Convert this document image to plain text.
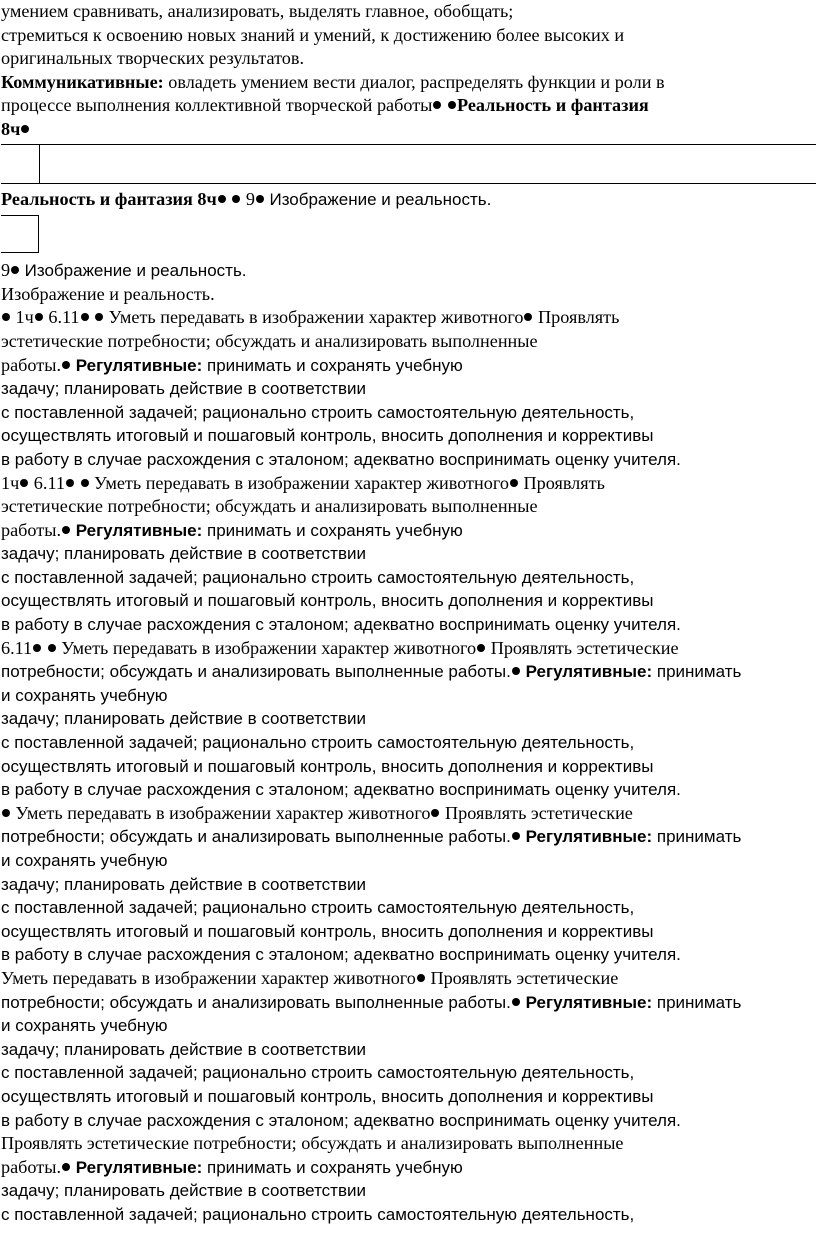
умением сравнивать, анализировать, выделять главное, обобщать;
стремиться к освоению новых знаний и умений, к достижению более высоких и
оригинальных творческих результатов.
Коммуникативные: овладеть умением вести диалог, распределять функции и роли в
процессе выполнения коллективной творческой работы Реальность и фантазия
8ч
Реальность и фантазия 8ч  9 Изображение и реальность.
9 Изображение и реальность.
Изображение и реальность.
1ч 6.11  Уметь передавать в изображении характер животного Проявлять
эстетические потребности; обсуждать и анализировать выполненные
работы. Регулятивные: принимать и сохранять учебную
задачу; планировать действие в соответствии
с поставленной задачей; рационально строить самостоятельную деятельность,
осуществлять итоговый и пошаговый контроль, вносить дополнения и коррективы
в работу в случае расхождения с эталоном; адекватно воспринимать оценку учителя.
1ч 6.11  Уметь передавать в изображении характер животного Проявлять
эстетические потребности; обсуждать и анализировать выполненные
работы. Регулятивные: принимать и сохранять учебную
задачу; планировать действие в соответствии
с поставленной задачей; рационально строить самостоятельную деятельность,
осуществлять итоговый и пошаговый контроль, вносить дополнения и коррективы
в работу в случае расхождения с эталоном; адекватно воспринимать оценку учителя.
6.11  Уметь передавать в изображении характер животного Проявлять эстетические
потребности; обсуждать и анализировать выполненные работы. Регулятивные: принимать
и сохранять учебную
задачу; планировать действие в соответствии
с поставленной задачей; рационально строить самостоятельную деятельность,
осуществлять итоговый и пошаговый контроль, вносить дополнения и коррективы
в работу в случае расхождения с эталоном; адекватно воспринимать оценку учителя.
Уметь передавать в изображении характер животного Проявлять эстетические
потребности; обсуждать и анализировать выполненные работы. Регулятивные: принимать
и сохранять учебную
задачу; планировать действие в соответствии
с поставленной задачей; рационально строить самостоятельную деятельность,
осуществлять итоговый и пошаговый контроль, вносить дополнения и коррективы
в работу в случае расхождения с эталоном; адекватно воспринимать оценку учителя.
Уметь передавать в изображении характер животного Проявлять эстетические
потребности; обсуждать и анализировать выполненные работы. Регулятивные: принимать
и сохранять учебную
задачу; планировать действие в соответствии
с поставленной задачей; рационально строить самостоятельную деятельность,
осуществлять итоговый и пошаговый контроль, вносить дополнения и коррективы
в работу в случае расхождения с эталоном; адекватно воспринимать оценку учителя.
Проявлять эстетические потребности; обсуждать и анализировать выполненные
работы. Регулятивные: принимать и сохранять учебную
задачу; планировать действие в соответствии
с поставленной задачей; рационально строить самостоятельную деятельность,
